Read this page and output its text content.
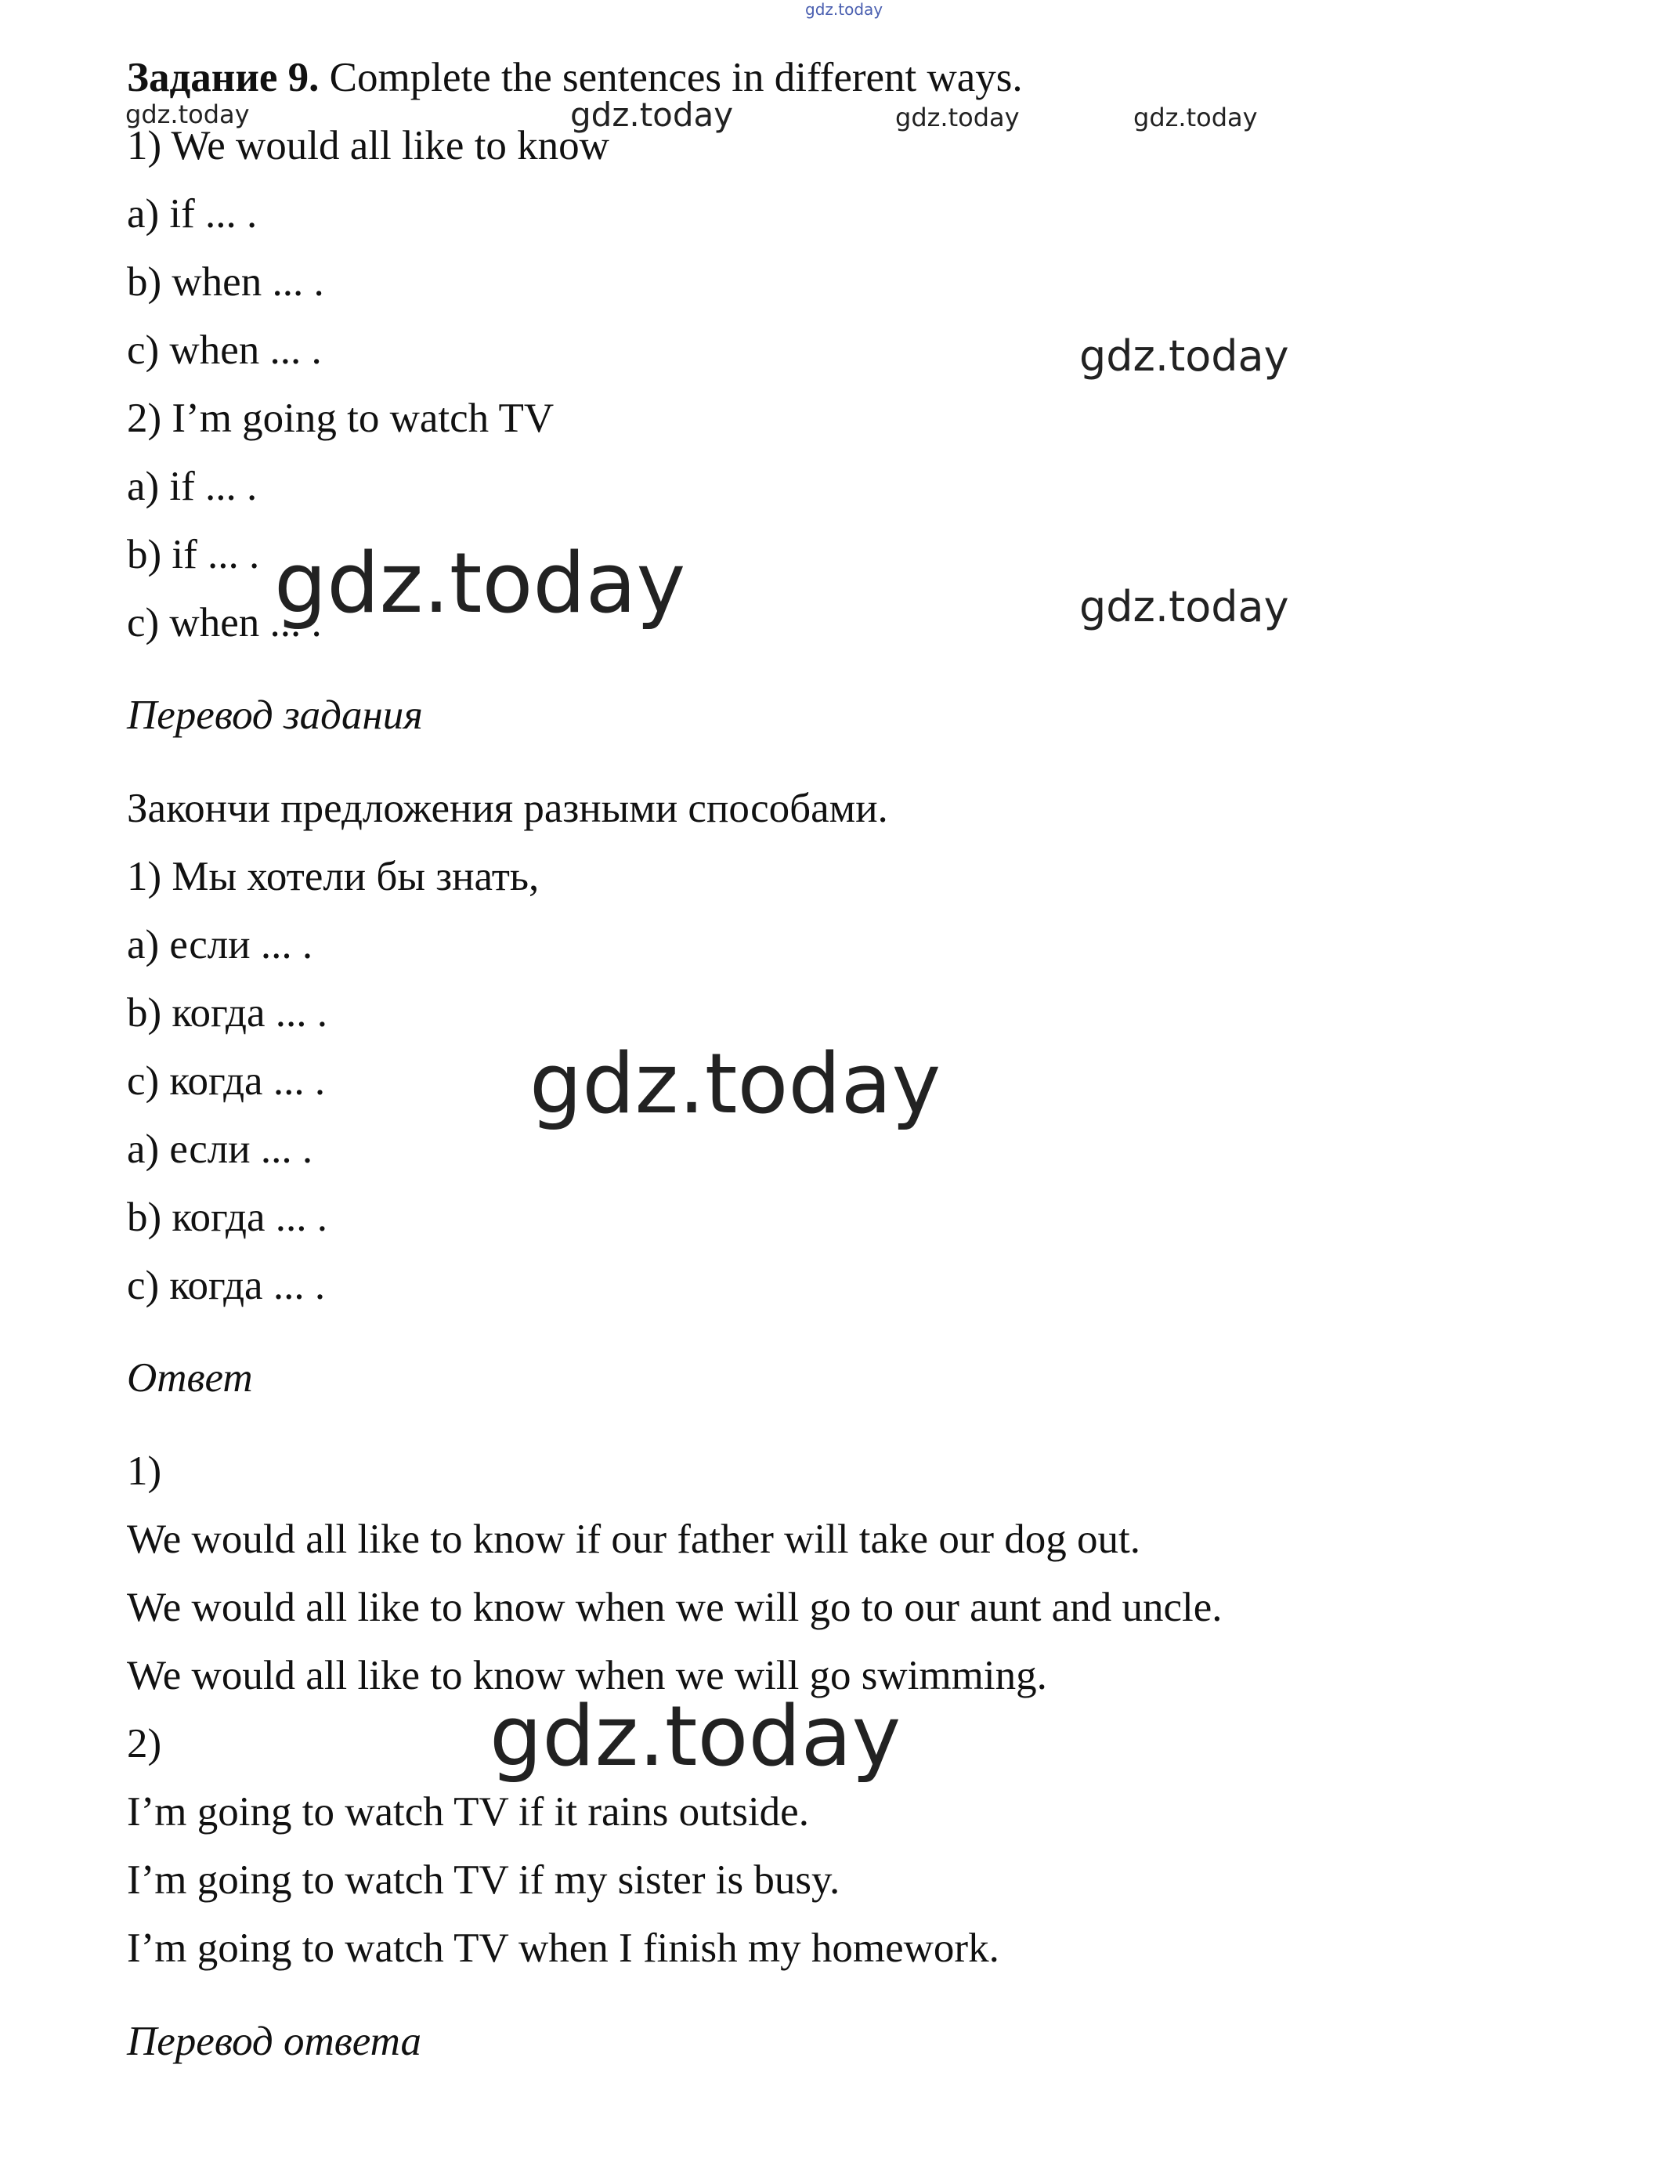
gdz.today
Задание 9. Complete the sentences in different ways.
1) We would all like to know
a) if ... .
b) when ... .
c) when ... .
2) I’m going to watch TV
a) if ... .
b) if ... .
c) when ... .
Перевод задания
Закончи предложения разными способами.
1) Мы хотели бы знать,
a) если ... .
b) когда ... .
c) когда ... .
a) если ... .
b) когда ... .
c) когда ... .
Ответ
1)
We would all like to know if our father will take our dog out.
We would all like to know when we will go to our aunt and uncle.
We would all like to know when we will go swimming.
2)
I’m going to watch TV if it rains outside.
I’m going to watch TV if my sister is busy.
I’m going to watch TV when I finish my homework.
Перевод ответа
gdz.today	gdz.today	gdz.today	gdz.today
gdz.today
gdz.today	gdz.today
gdz.today
gdz.today
